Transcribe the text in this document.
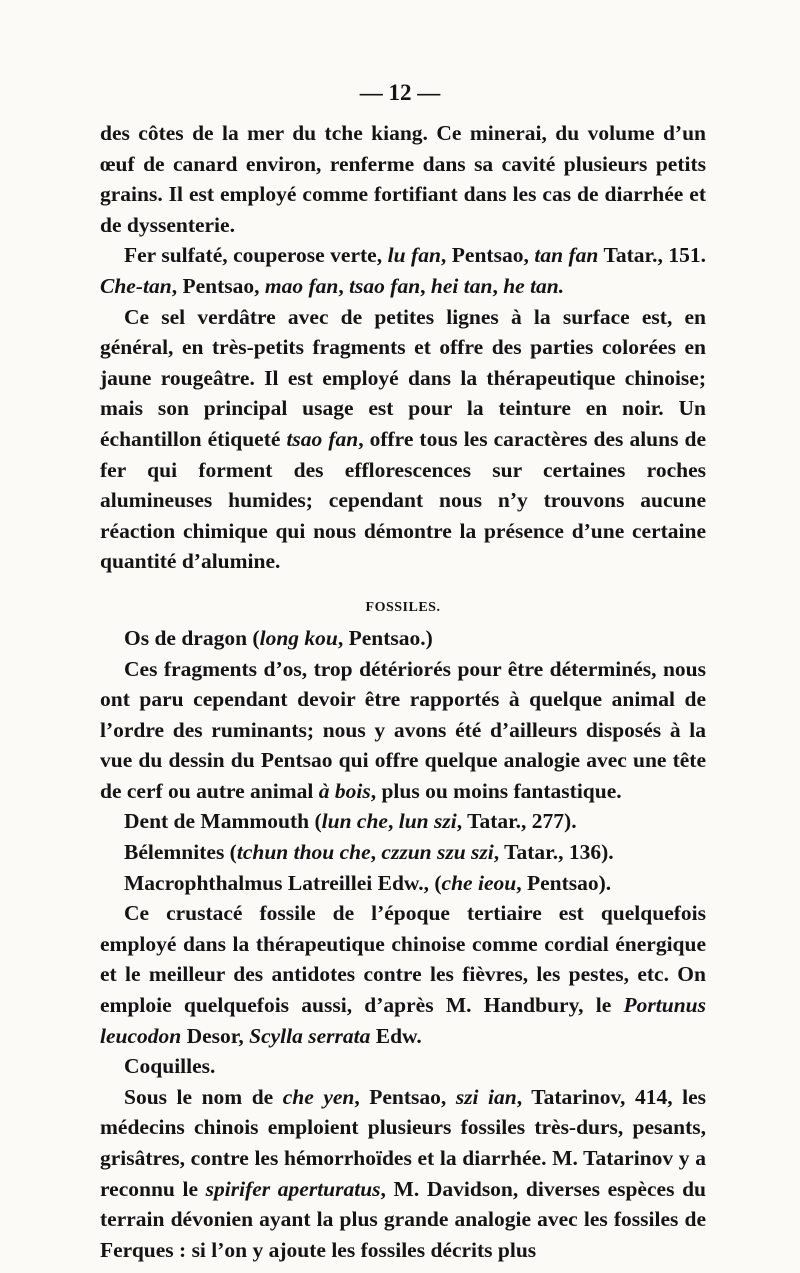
— 12 —

des côtes de la mer du tche kiang. Ce minerai, du volume d’un œuf de canard environ, renferme dans sa cavité plusieurs petits grains. Il est employé comme fortifiant dans les cas de diarrhée et de dyssenterie.

Fer sulfaté, couperose verte, lu fan, Pentsao, tan fan Tatar., 151. Che-tan, Pentsao, mao fan, tsao fan, hei tan, he tan.

Ce sel verdâtre avec de petites lignes à la surface est, en général, en très-petits fragments et offre des parties colorées en jaune rougeâtre. Il est employé dans la thérapeutique chinoise; mais son principal usage est pour la teinture en noir. Un échantillon étiqueté tsao fan, offre tous les caractères des aluns de fer qui forment des efflorescences sur certaines roches alumineuses humides; cependant nous n’y trouvons aucune réaction chimique qui nous démontre la présence d’une certaine quantité d’alumine.

FOSSILES.

Os de dragon (long kou, Pentsao.)

Ces fragments d’os, trop détériorés pour être déterminés, nous ont paru cependant devoir être rapportés à quelque animal de l’ordre des ruminants; nous y avons été d’ailleurs disposés à la vue du dessin du Pentsao qui offre quelque analogie avec une tête de cerf ou autre animal à bois, plus ou moins fantastique.

Dent de Mammouth (lun che, lun szi, Tatar., 277).

Bélemnites (tchun thou che, czzun szu szi, Tatar., 136).

Macrophthalmus Latreillei Edw., (che ieou, Pentsao).

Ce crustacé fossile de l’époque tertiaire est quelquefois employé dans la thérapeutique chinoise comme cordial énergique et le meilleur des antidotes contre les fièvres, les pestes, etc. On emploie quelquefois aussi, d’après M. Handbury, le Portunus leucodon Desor, Scylla serrata Edw.

Coquilles.

Sous le nom de che yen, Pentsao, szi ian, Tatarinov, 414, les médecins chinois emploient plusieurs fossiles très-durs, pesants, grisâtres, contre les hémorrhoïdes et la diarrhée. M. Tatarinov y a reconnu le spirifer aperturatus, M. Davidson, diverses espèces du terrain dévonien ayant la plus grande analogie avec les fossiles de Ferques : si l’on y ajoute les fossiles décrits plus
